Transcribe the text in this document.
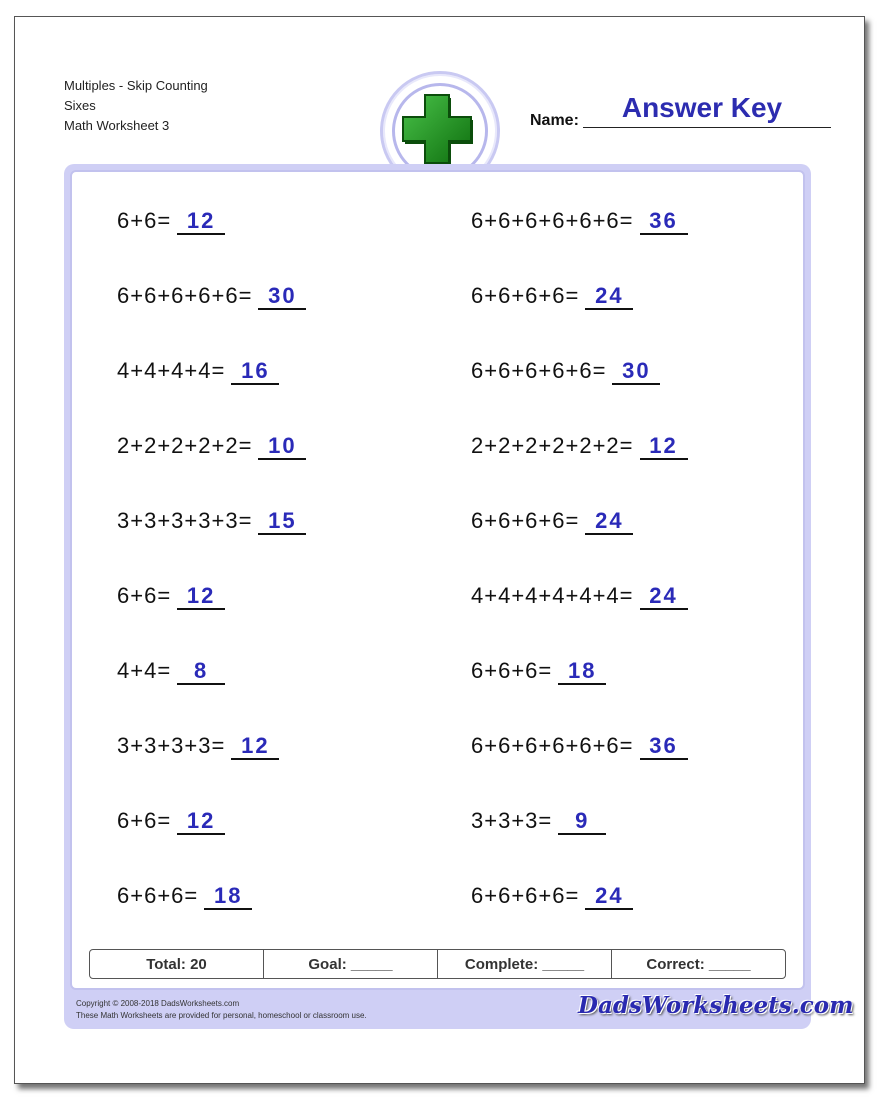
Multiples - Skip Counting
Sixes
Math Worksheet 3	Name:	Answer Key
6+6= 12
6+6+6+6+6= 30
4+4+4+4= 16
2+2+2+2+2= 10
3+3+3+3+3= 15
6+6= 12
4+4= 8
3+3+3+3= 12
6+6= 12
6+6+6= 18
6+6+6+6+6+6= 36
6+6+6+6= 24
6+6+6+6+6= 30
2+2+2+2+2+2= 12
6+6+6+6= 24
4+4+4+4+4+4= 24
6+6+6= 18
6+6+6+6+6+6= 36
3+3+3= 9
6+6+6+6= 24
Total: 20	Goal: _____	Complete: _____	Correct: _____
Copyright © 2008-2018 DadsWorksheets.com
These Math Worksheets are provided for personal, homeschool or classroom use.	DadsWorksheets.com
